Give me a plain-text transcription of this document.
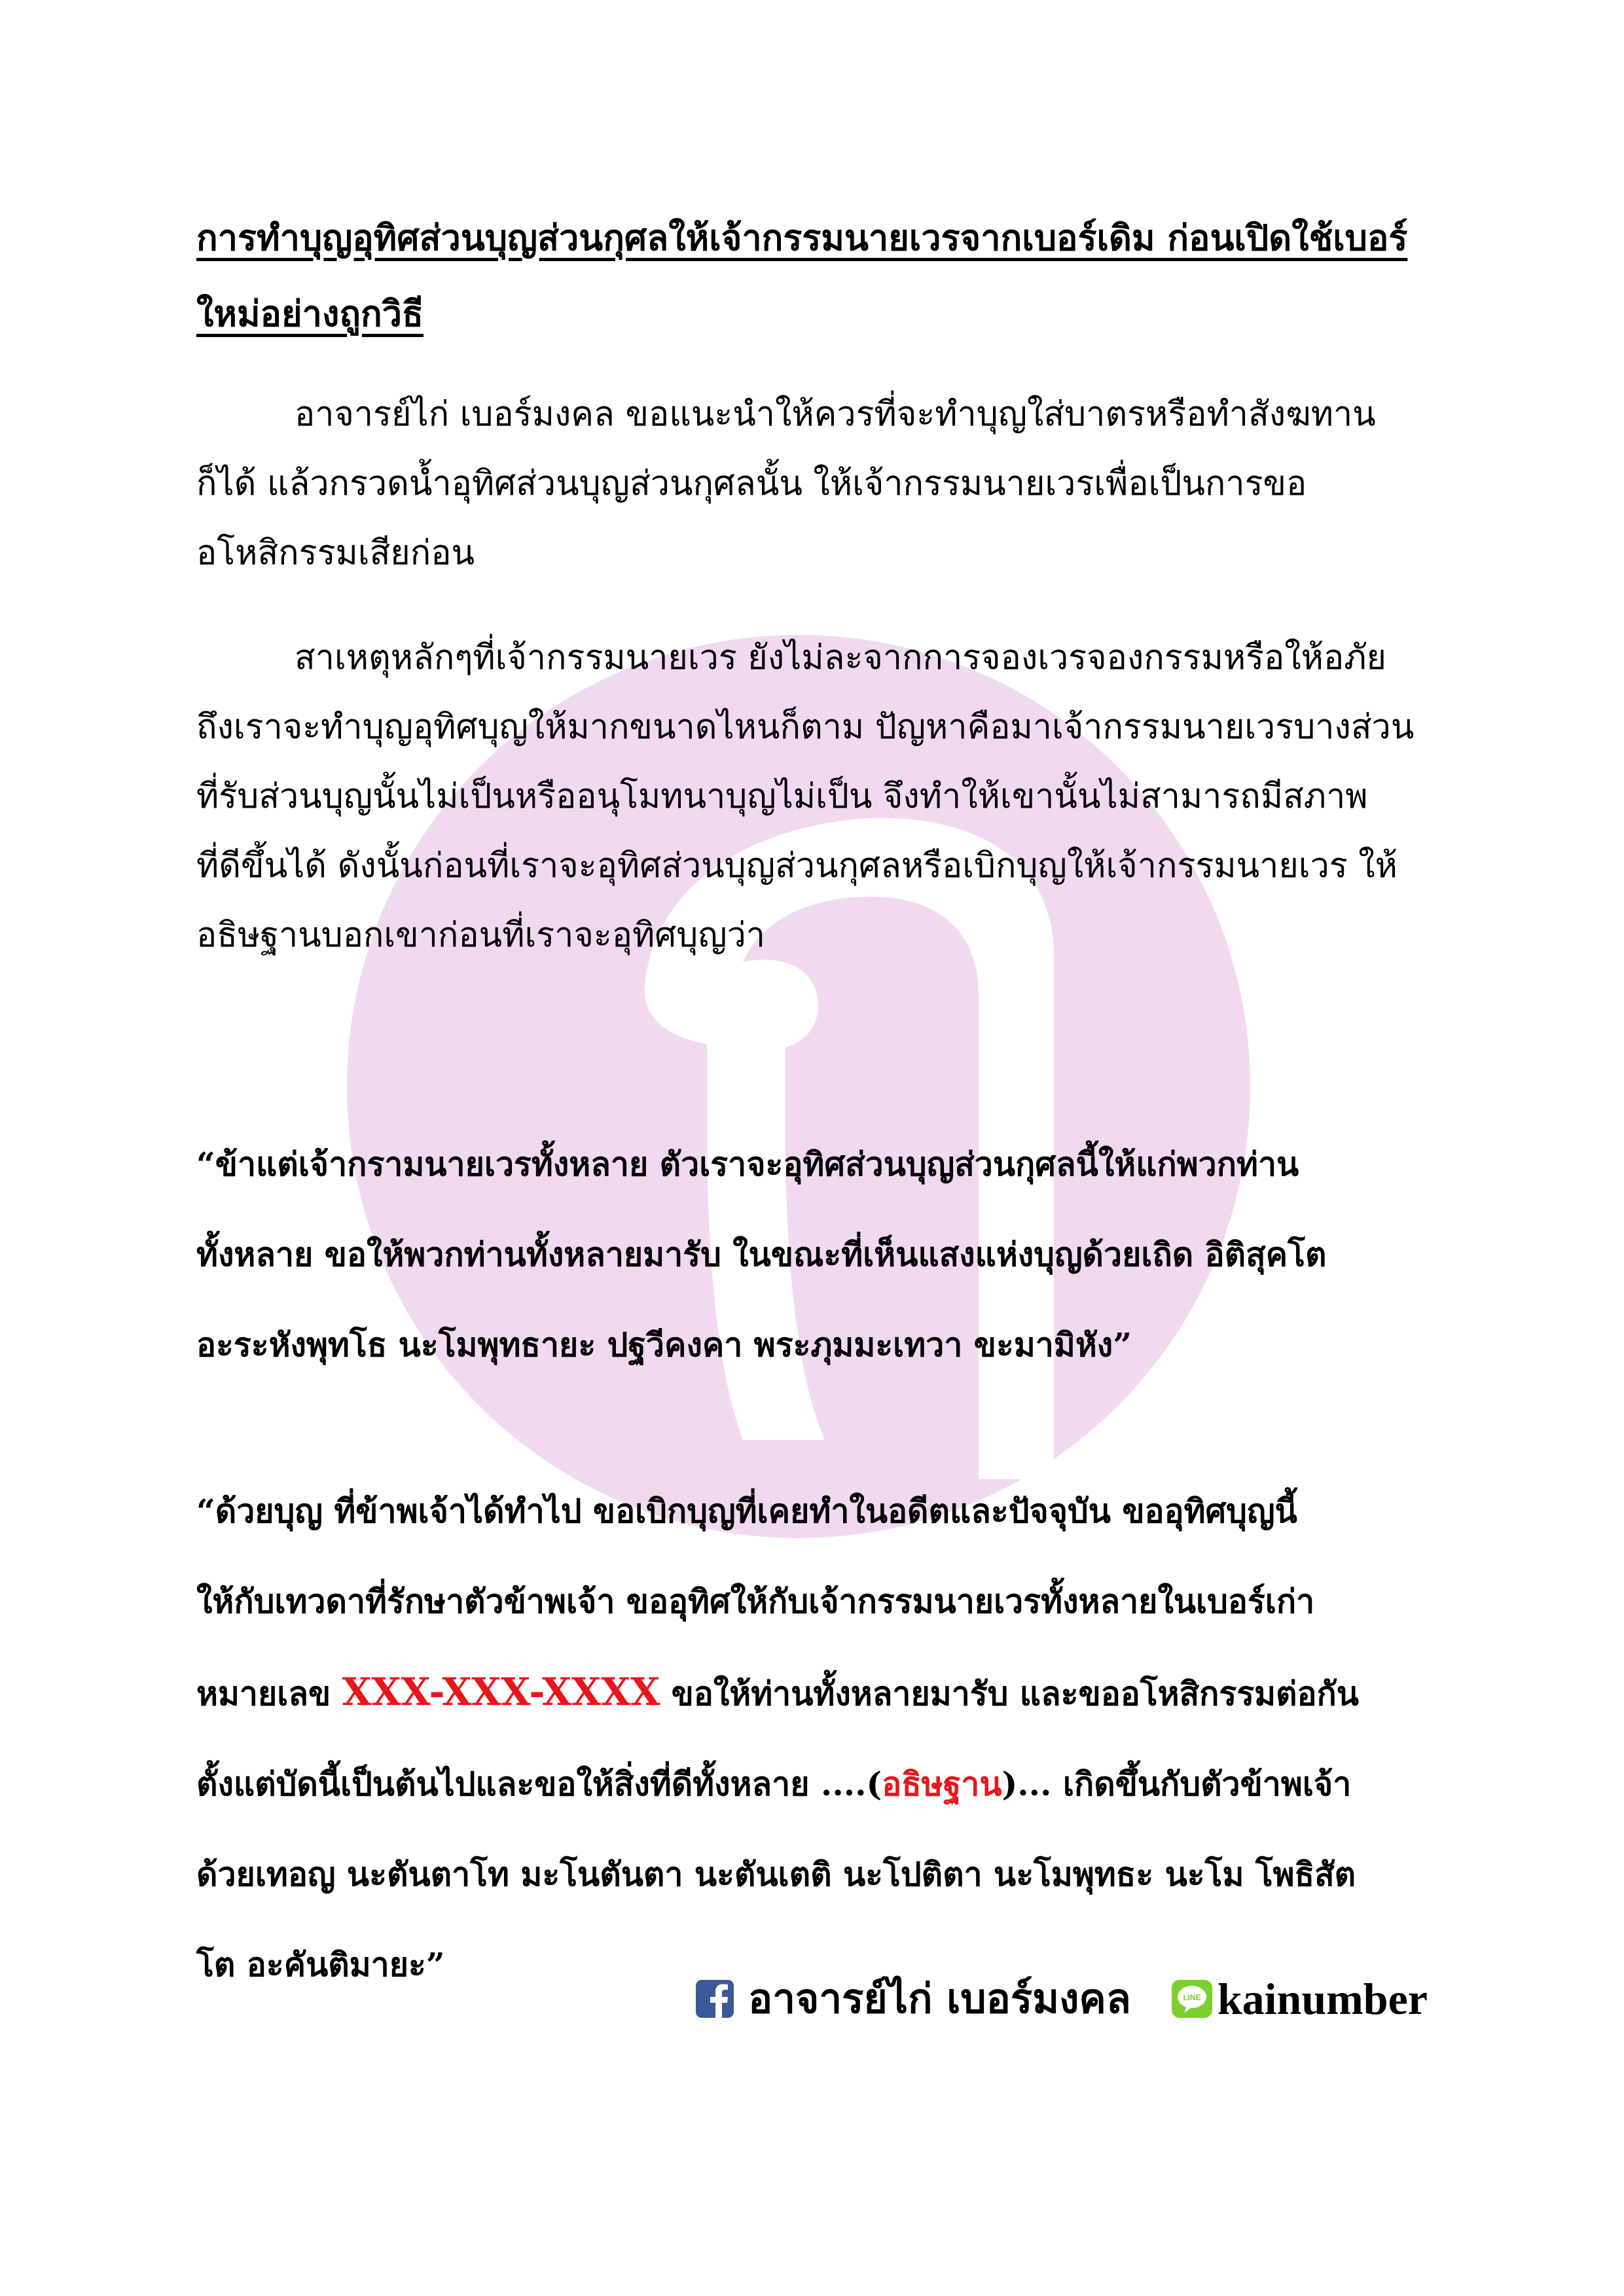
การทำบุญอุทิศส่วนบุญส่วนกุศลให้เจ้ากรรมนายเวรจากเบอร์เดิม ก่อนเปิดใช้เบอร์
ใหม่อย่างถูกวิธี
อาจารย์ไก่ เบอร์มงคล ขอแนะนำให้ควรที่จะทำบุญใส่บาตรหรือทำสังฆทาน
ก็ได้ แล้วกรวดน้ำอุทิศส่วนบุญส่วนกุศลนั้น ให้เจ้ากรรมนายเวรเพื่อเป็นการขอ
อโหสิกรรมเสียก่อน
สาเหตุหลักๆที่เจ้ากรรมนายเวร ยังไม่ละจากการจองเวรจองกรรมหรือให้อภัย
ถึงเราจะทำบุญอุทิศบุญให้มากขนาดไหนก็ตาม ปัญหาคือมาเจ้ากรรมนายเวรบางส่วน
ที่รับส่วนบุญนั้นไม่เป็นหรืออนุโมทนาบุญไม่เป็น จึงทำให้เขานั้นไม่สามารถมีสภาพ
ที่ดีขึ้นได้ ดังนั้นก่อนที่เราจะอุทิศส่วนบุญส่วนกุศลหรือเบิกบุญให้เจ้ากรรมนายเวร ให้
อธิษฐานบอกเขาก่อนที่เราจะอุทิศบุญว่า
“ข้าแต่เจ้ากรามนายเวรทั้งหลาย ตัวเราจะอุทิศส่วนบุญส่วนกุศลนี้ให้แก่พวกท่าน
ทั้งหลาย ขอให้พวกท่านทั้งหลายมารับ ในขณะที่เห็นแสงแห่งบุญด้วยเถิด อิติสุคโต
อะระหังพุทโธ นะโมพุทธายะ ปฐวีคงคา พระภุมมะเทวา ขะมามิหัง”
“ด้วยบุญ ที่ข้าพเจ้าได้ทำไป ขอเบิกบุญที่เคยทำในอดีตและปัจจุบัน ขออุทิศบุญนี้
ให้กับเทวดาที่รักษาตัวข้าพเจ้า ขออุทิศให้กับเจ้ากรรมนายเวรทั้งหลายในเบอร์เก่า
หมายเลข XXX-XXX-XXXX ขอให้ท่านทั้งหลายมารับ และขออโหสิกรรมต่อกัน
ตั้งแต่บัดนี้เป็นต้นไปและขอให้สิ่งที่ดีทั้งหลาย ....(อธิษฐาน)... เกิดขึ้นกับตัวข้าพเจ้า
ด้วยเทอญ นะตันตาโท มะโนตันตา นะตันเตติ นะโปติตา นะโมพุทธะ นะโม โพธิสัต
โต อะคันติมายะ”
อาจารย์ไก่ เบอร์มงคล	LINE kainumber
